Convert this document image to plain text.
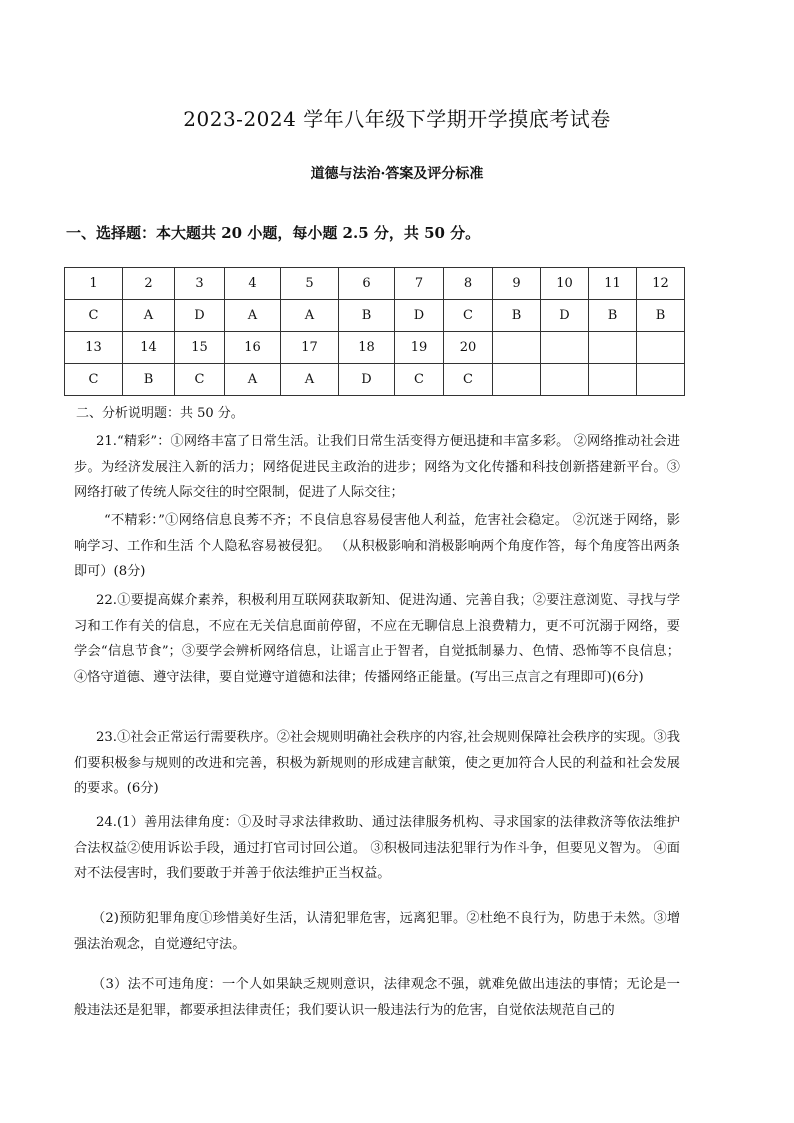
2023-2024 学年八年级下学期开学摸底考试卷
道德与法治·答案及评分标准
一、选择题：本大题共 20 小题，每小题 2.5 分，共 50 分。
1	2	3	4	5	6	7	8	9	10	11	12
C	A	D	A	A	B	D	C	B	D	B	B
13	14	15	16	17	18	19	20				
C	B	C	A	A	D	C	C				
二、分析说明题：共 50 分。

21.“精彩”：①网络丰富了日常生活。让我们日常生活变得方便迅捷和丰富多彩。 ②网络推动社会进步。为经济发展注入新的活力；网络促进民主政治的进步；网络为文化传播和科技创新搭建新平台。③网络打破了传统人际交往的时空限制，促进了人际交往；

“不精彩：”①网络信息良莠不齐；不良信息容易侵害他人利益，危害社会稳定。 ②沉迷于网络，影响学习、工作和生活 个人隐私容易被侵犯。 （从积极影响和消极影响两个角度作答，每个角度答出两条即可）(8分)

22.①要提高媒介素养，积极利用互联网获取新知、促进沟通、完善自我；②要注意浏览、寻找与学习和工作有关的信息，不应在无关信息面前停留，不应在无聊信息上浪费精力，更不可沉溺于网络，要学会“信息节食”；③要学会辨析网络信息，让谣言止于智者，自觉抵制暴力、色情、恐怖等不良信息；④恪守道德、遵守法律，要自觉遵守道德和法律；传播网络正能量。(写出三点言之有理即可)(6分)

23.①社会正常运行需要秩序。②社会规则明确社会秩序的内容,社会规则保障社会秩序的实现。③我们要积极参与规则的改进和完善，积极为新规则的形成建言献策，使之更加符合人民的利益和社会发展的要求。(6分)

24.(1）善用法律角度：①及时寻求法律救助、通过法律服务机构、寻求国家的法律救济等依法维护合法权益②使用诉讼手段，通过打官司讨回公道。 ③积极同违法犯罪行为作斗争，但要见义智为。 ④面对不法侵害时，我们要敢于并善于依法维护正当权益。

（2)预防犯罪角度①珍惜美好生活，认清犯罪危害，远离犯罪。②杜绝不良行为，防患于未然。③增强法治观念，自觉遵纪守法。

（3）法不可违角度：一个人如果缺乏规则意识，法律观念不强，就难免做出违法的事情；无论是一般违法还是犯罪，都要承担法律责任；我们要认识一般违法行为的危害，自觉依法规范自己的
